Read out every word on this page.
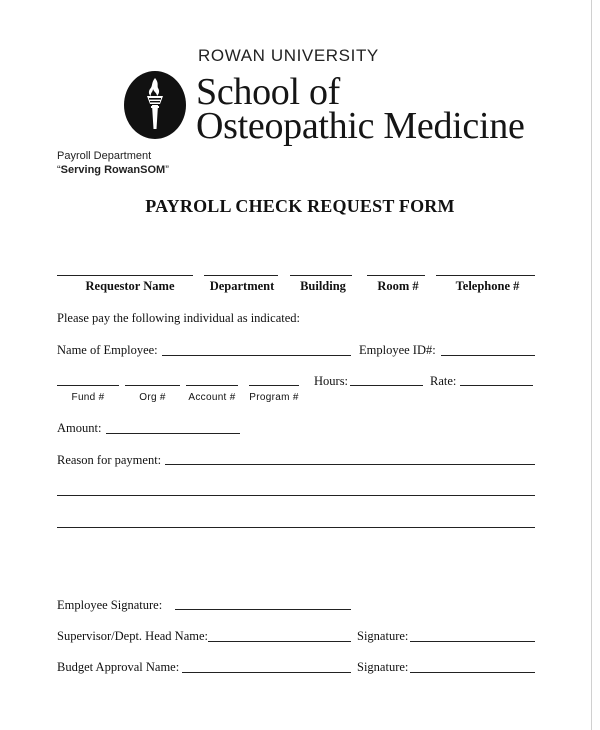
ROWAN UNIVERSITY
School of
Osteopathic Medicine
Payroll Department
“Serving RowanSOM”
PAYROLL CHECK REQUEST FORM
Requestor Name	Department	Building	Room #	Telephone #
Please pay the following individual as indicated:
Name of Employee:	Employee ID#:
Hours:	Rate:
Fund #	Org #	Account #	Program #
Amount:
Reason for payment:
Employee Signature:
Supervisor/Dept. Head Name:	Signature:
Budget Approval Name:	Signature:
